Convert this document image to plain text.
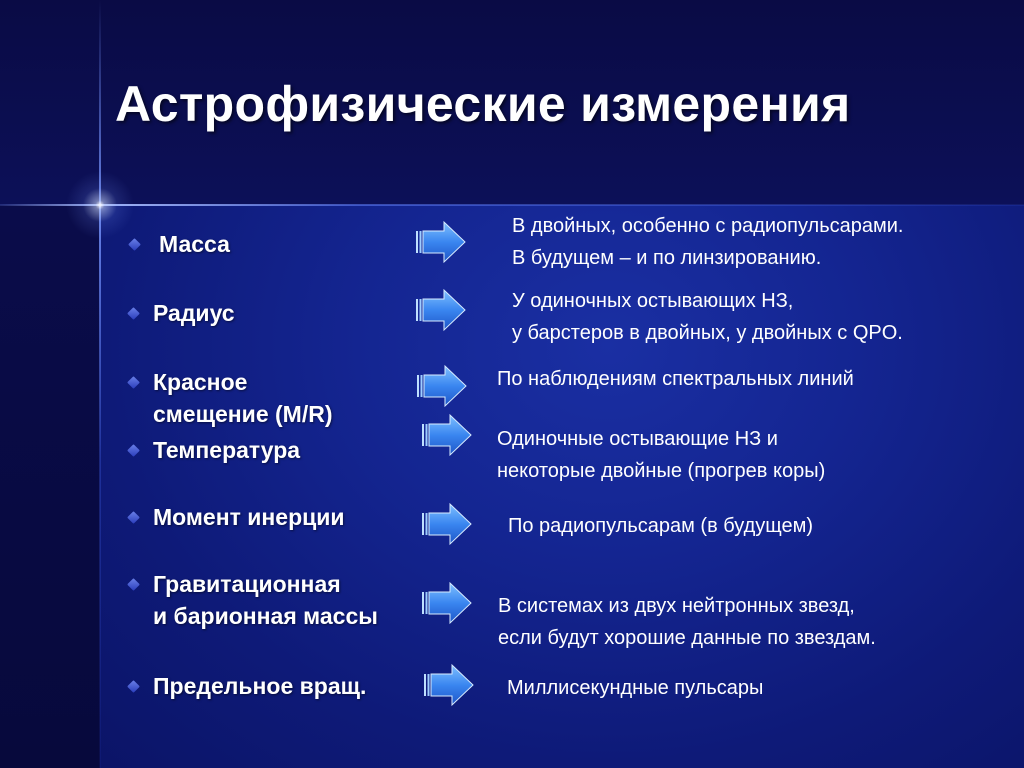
Астрофизические измерения
Масса
Радиус
Красное
смещение (M/R)
Температура
Момент инерции
Гравитационная
и барионная массы
Предельное вращ.
В двойных, особенно с радиопульсарами.
В будущем – и по линзированию.
У одиночных остывающих НЗ,
у барстеров в двойных, у двойных с QPO.
По наблюдениям спектральных линий
Одиночные остывающие НЗ и
некоторые двойные (прогрев коры)
По радиопульсарам (в будущем)
В системах из двух нейтронных звезд,
если будут хорошие данные по звездам.
Миллисекундные пульсары
